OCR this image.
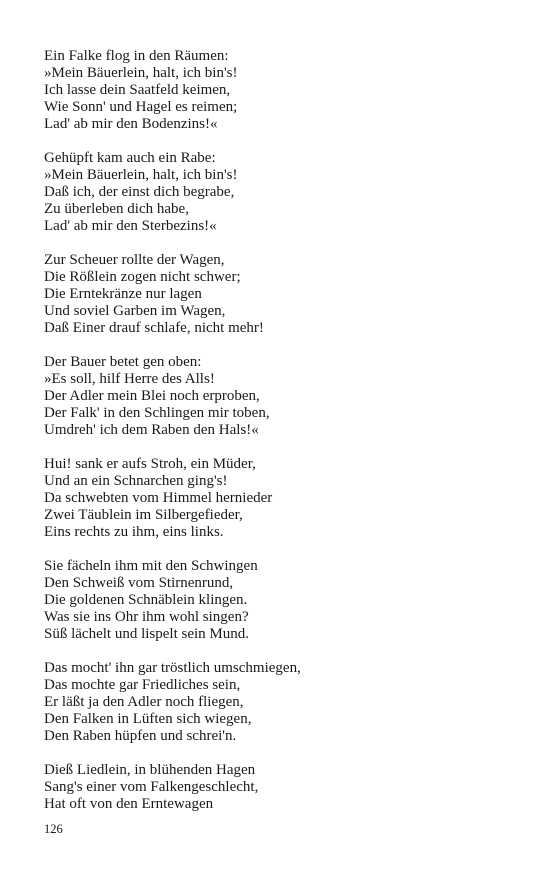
Ein Falke flog in den Räumen:
»Mein Bäuerlein, halt, ich bin's!
Ich lasse dein Saatfeld keimen,
Wie Sonn' und Hagel es reimen;
Lad' ab mir den Bodenzins!«
Gehüpft kam auch ein Rabe:
»Mein Bäuerlein, halt, ich bin's!
Daß ich, der einst dich begrabe,
Zu überleben dich habe,
Lad' ab mir den Sterbezins!«
Zur Scheuer rollte der Wagen,
Die Rößlein zogen nicht schwer;
Die Erntekränze nur lagen
Und soviel Garben im Wagen,
Daß Einer drauf schlafe, nicht mehr!
Der Bauer betet gen oben:
»Es soll, hilf Herre des Alls!
Der Adler mein Blei noch erproben,
Der Falk' in den Schlingen mir toben,
Umdreh' ich dem Raben den Hals!«
Hui! sank er aufs Stroh, ein Müder,
Und an ein Schnarchen ging's!
Da schwebten vom Himmel hernieder
Zwei Täublein im Silbergefieder,
Eins rechts zu ihm, eins links.
Sie fächeln ihm mit den Schwingen
Den Schweiß vom Stirnenrund,
Die goldenen Schnäblein klingen.
Was sie ins Ohr ihm wohl singen?
Süß lächelt und lispelt sein Mund.
Das mocht' ihn gar tröstlich umschmiegen,
Das mochte gar Friedliches sein,
Er läßt ja den Adler noch fliegen,
Den Falken in Lüften sich wiegen,
Den Raben hüpfen und schrei'n.
Dieß Liedlein, in blühenden Hagen
Sang's einer vom Falkengeschlecht,
Hat oft von den Erntewagen
126
